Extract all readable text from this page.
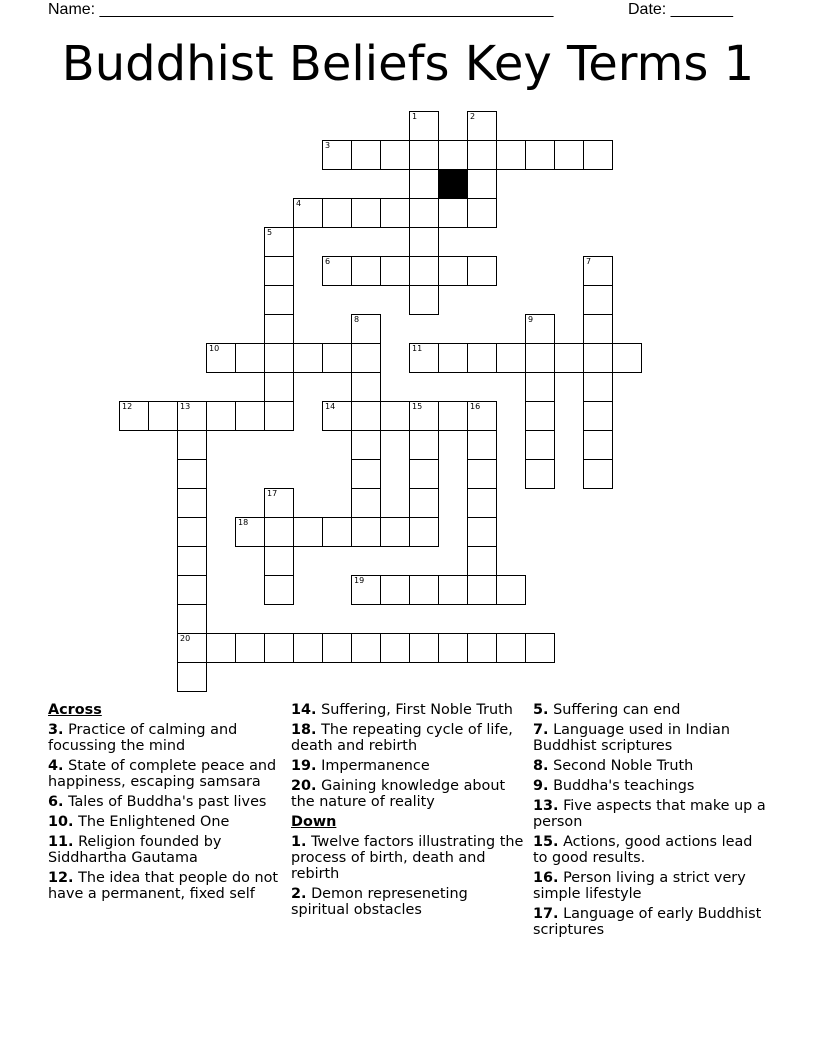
Name: ___________________________________________________	Date: _______
Buddhist Beliefs Key Terms 1
1	2
3
4
5
6	7
8	9
10	11
12	13	14	15	16
17
18
19
20
Across
3. Practice of calming and focussing the mind
4. State of complete peace and happiness, escaping samsara
6. Tales of Buddha's past lives
10. The Enlightened One
11. Religion founded by Siddhartha Gautama
12. The idea that people do not have a permanent, fixed self
14. Suffering, First Noble Truth
18. The repeating cycle of life, death and rebirth
19. Impermanence
20. Gaining knowledge about the nature of reality
Down
1. Twelve factors illustrating the process of birth, death and rebirth
2. Demon represeneting spiritual obstacles
5. Suffering can end
7. Language used in Indian Buddhist scriptures
8. Second Noble Truth
9. Buddha's teachings
13. Five aspects that make up a person
15. Actions, good actions lead to good results.
16. Person living a strict very simple lifestyle
17. Language of early Buddhist scriptures
